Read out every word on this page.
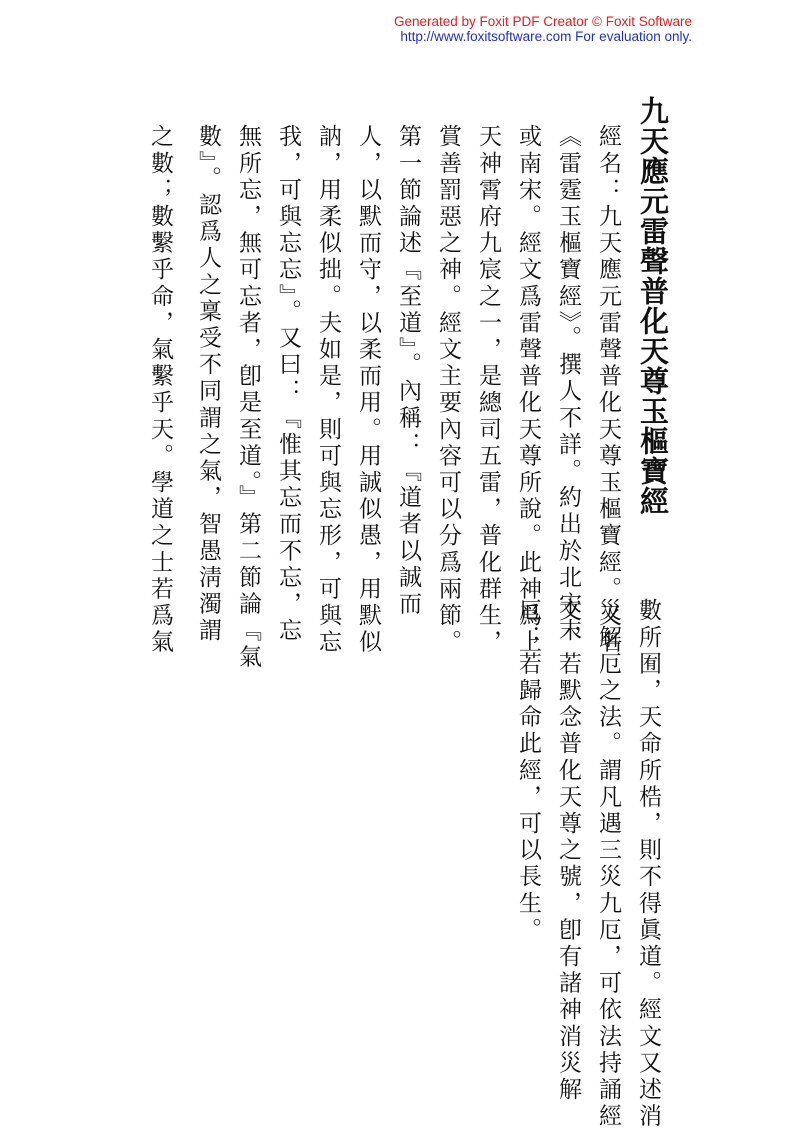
Generated by Foxit PDF Creator © Foxit Software
http://www.foxitsoftware.com For evaluation only.
九天應元雷聲普化天尊玉樞寶經
經名：九天應元雷聲普化天尊玉樞寶經。又名
《雷霆玉樞寶經》。撰人不詳。約出於北宋末
或南宋。經文爲雷聲普化天尊所說。此神爲上
天神霄府九宸之一，是總司五雷，普化群生，
賞善罰惡之神。經文主要內容可以分爲兩節。
第一節論述『至道』。內稱：『道者以誠而
人，以默而守，以柔而用。用誠似愚，用默似
訥，用柔似拙。夫如是，則可與忘形，可與忘
我，可與忘忘』。又曰：『惟其忘而不忘，忘
無所忘，無可忘者，卽是至道。』第二節論『氣
數』。認爲人之稟受不同謂之氣，智愚淸濁謂
之數；數繫乎命，氣繫乎天。學道之士若爲氣
數所囿，天命所梏，則不得眞道。經文又述消
災解厄之法。謂凡遇三災九厄，可依法持誦經
文，若默念普化天尊之號，卽有諸神消災解
厄；若歸命此經，可以長生。
